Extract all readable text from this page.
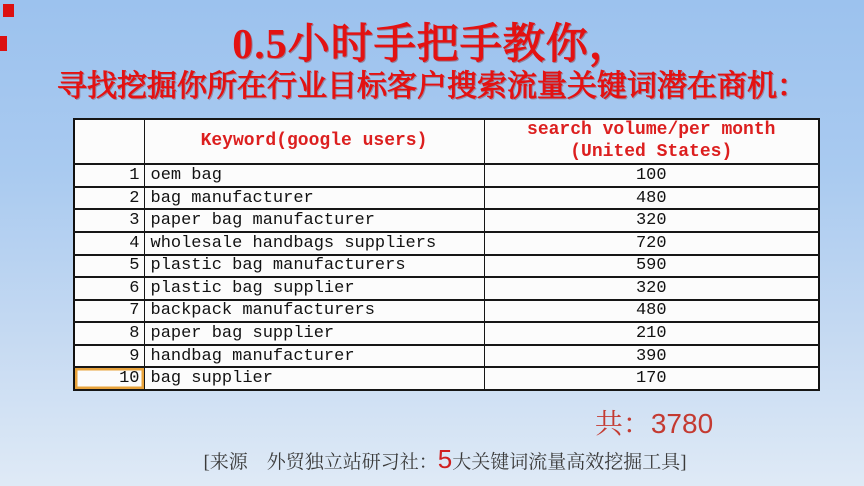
0.5小时手把手教你，
寻找挖掘你所在行业目标客户搜索流量关键词潜在商机：
	Keyword(google users)	search volume/per month
(United States)

1	oem bag	100
2	bag manufacturer	480
3	paper bag manufacturer	320
4	wholesale handbags suppliers	720
5	plastic bag manufacturers	590
6	plastic bag supplier	320
7	backpack manufacturers	480
8	paper bag supplier	210
9	handbag manufacturer	390
10	bag supplier	170
共：3780
[来源　外贸独立站研习社：5大关键词流量高效挖掘工具]
